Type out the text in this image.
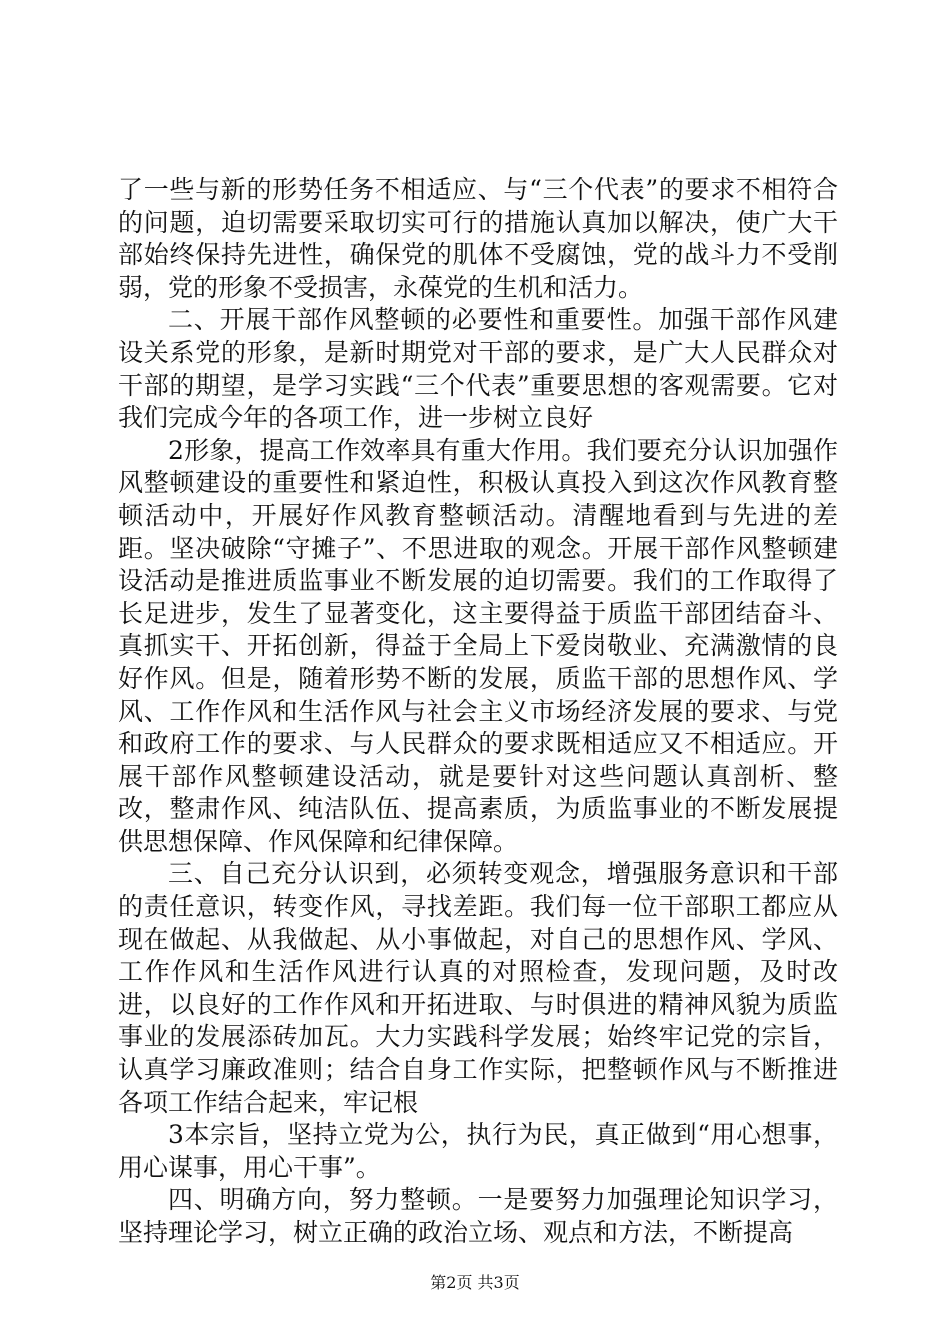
了一些与新的形势任务不相适应、与“三个代表”的要求不相符合的问题，迫切需要采取切实可行的措施认真加以解决，使广大干部始终保持先进性，确保党的肌体不受腐蚀，党的战斗力不受削弱，党的形象不受损害，永葆党的生机和活力。

二、开展干部作风整顿的必要性和重要性。加强干部作风建设关系党的形象，是新时期党对干部的要求，是广大人民群众对干部的期望，是学习实践“三个代表”重要思想的客观需要。它对我们完成今年的各项工作，进一步树立良好

2形象，提高工作效率具有重大作用。我们要充分认识加强作风整顿建设的重要性和紧迫性，积极认真投入到这次作风教育整顿活动中，开展好作风教育整顿活动。清醒地看到与先进的差距。坚决破除“守摊子”、不思进取的观念。开展干部作风整顿建设活动是推进质监事业不断发展的迫切需要。我们的工作取得了长足进步，发生了显著变化，这主要得益于质监干部团结奋斗、真抓实干、开拓创新，得益于全局上下爱岗敬业、充满激情的良好作风。但是，随着形势不断的发展，质监干部的思想作风、学风、工作作风和生活作风与社会主义市场经济发展的要求、与党和政府工作的要求、与人民群众的要求既相适应又不相适应。开展干部作风整顿建设活动，就是要针对这些问题认真剖析、整改，整肃作风、纯洁队伍、提高素质，为质监事业的不断发展提供思想保障、作风保障和纪律保障。

三、自己充分认识到，必须转变观念，增强服务意识和干部的责任意识，转变作风，寻找差距。我们每一位干部职工都应从现在做起、从我做起、从小事做起，对自己的思想作风、学风、工作作风和生活作风进行认真的对照检查，发现问题，及时改进，以良好的工作作风和开拓进取、与时俱进的精神风貌为质监事业的发展添砖加瓦。大力实践科学发展；始终牢记党的宗旨，认真学习廉政准则；结合自身工作实际，把整顿作风与不断推进各项工作结合起来，牢记根

3本宗旨，坚持立党为公，执行为民，真正做到“用心想事，用心谋事，用心干事”。

四、明确方向，努力整顿。一是要努力加强理论知识学习，坚持理论学习，树立正确的政治立场、观点和方法，不断提高

第2页 共3页
